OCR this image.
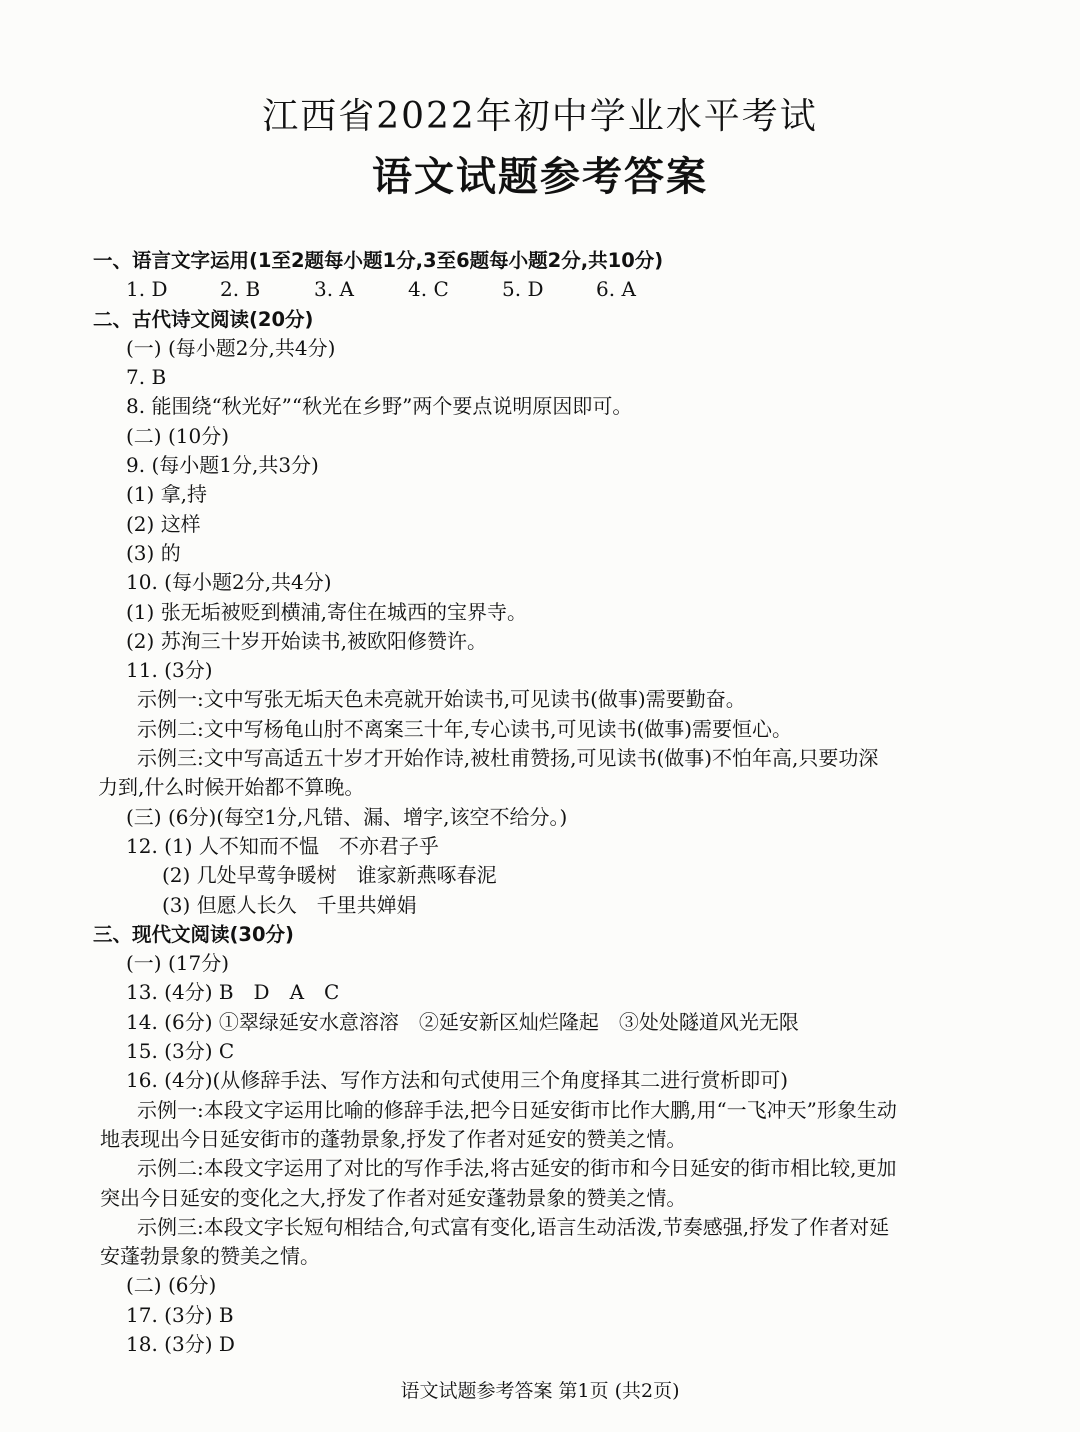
江西省2022年初中学业水平考试
语文试题参考答案
一、语言文字运用(1至2题每小题1分,3至6题每小题2分,共10分)
1. D	2. B	3. A	4. C	5. D	6. A
二、古代诗文阅读(20分)
(一) (每小题2分,共4分)
7. B
8. 能围绕“秋光好”“秋光在乡野”两个要点说明原因即可。
(二) (10分)
9. (每小题1分,共3分)
(1) 拿,持
(2) 这样
(3) 的
10. (每小题2分,共4分)
(1) 张无垢被贬到横浦,寄住在城西的宝界寺。
(2) 苏洵三十岁开始读书,被欧阳修赞许。
11. (3分)
示例一:文中写张无垢天色未亮就开始读书,可见读书(做事)需要勤奋。
示例二:文中写杨龟山肘不离案三十年,专心读书,可见读书(做事)需要恒心。
示例三:文中写高适五十岁才开始作诗,被杜甫赞扬,可见读书(做事)不怕年高,只要功深
力到,什么时候开始都不算晚。
(三) (6分)(每空1分,凡错、漏、增字,该空不给分。)
12. (1) 人不知而不愠　不亦君子乎
(2) 几处早莺争暖树　谁家新燕啄春泥
(3) 但愿人长久　千里共婵娟
三、现代文阅读(30分)
(一) (17分)
13. (4分) B　D　A　C
14. (6分) ①翠绿延安水意溶溶　②延安新区灿烂隆起　③处处隧道风光无限
15. (3分) C
16. (4分)(从修辞手法、写作方法和句式使用三个角度择其二进行赏析即可)
示例一:本段文字运用比喻的修辞手法,把今日延安街市比作大鹏,用“一飞冲天”形象生动
地表现出今日延安街市的蓬勃景象,抒发了作者对延安的赞美之情。
示例二:本段文字运用了对比的写作手法,将古延安的街市和今日延安的街市相比较,更加
突出今日延安的变化之大,抒发了作者对延安蓬勃景象的赞美之情。
示例三:本段文字长短句相结合,句式富有变化,语言生动活泼,节奏感强,抒发了作者对延
安蓬勃景象的赞美之情。
(二) (6分)
17. (3分) B
18. (3分) D
语文试题参考答案 第1页 (共2页)
